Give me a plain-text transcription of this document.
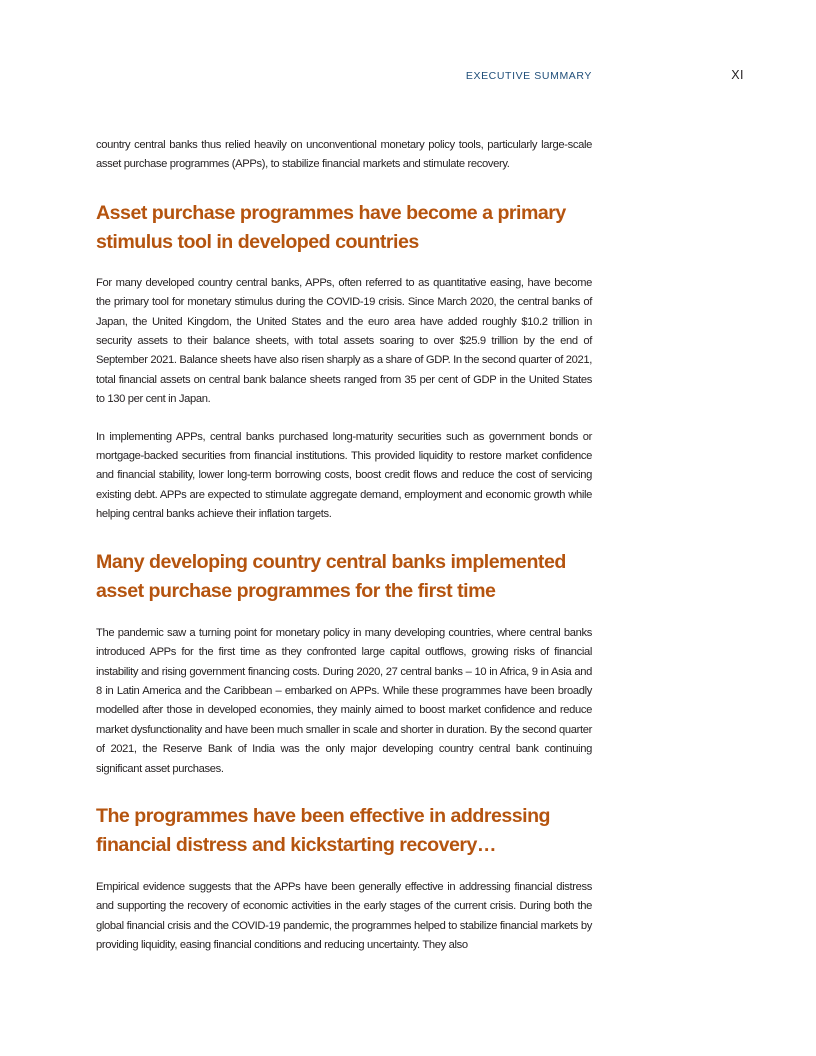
EXECUTIVE SUMMARY	XI

country central banks thus relied heavily on unconventional monetary policy tools, particularly large-scale asset purchase programmes (APPs), to stabilize financial markets and stimulate recovery.

Asset purchase programmes have become a primary stimulus tool in developed countries

For many developed country central banks, APPs, often referred to as quantitative easing, have become the primary tool for monetary stimulus during the COVID-19 crisis. Since March 2020, the central banks of Japan, the United Kingdom, the United States and the euro area have added roughly $10.2 trillion in security assets to their balance sheets, with total assets soaring to over $25.9 trillion by the end of September 2021. Balance sheets have also risen sharply as a share of GDP. In the second quarter of 2021, total financial assets on central bank balance sheets ranged from 35 per cent of GDP in the United States to 130 per cent in Japan.

In implementing APPs, central banks purchased long-maturity securities such as government bonds or mortgage-backed securities from financial institutions. This provided liquidity to restore market confidence and financial stability, lower long-term borrowing costs, boost credit flows and reduce the cost of servicing existing debt. APPs are expected to stimulate aggregate demand, employment and economic growth while helping central banks achieve their inflation targets.

Many developing country central banks implemented asset purchase programmes for the first time

The pandemic saw a turning point for monetary policy in many developing countries, where central banks introduced APPs for the first time as they confronted large capital outflows, growing risks of financial instability and rising government financing costs. During 2020, 27 central banks – 10 in Africa, 9 in Asia and 8 in Latin America and the Caribbean – embarked on APPs. While these programmes have been broadly modelled after those in developed economies, they mainly aimed to boost market confidence and reduce market dysfunctionality and have been much smaller in scale and shorter in duration. By the second quarter of 2021, the Reserve Bank of India was the only major developing country central bank continuing significant asset purchases.

The programmes have been effective in addressing financial distress and kickstarting recovery…

Empirical evidence suggests that the APPs have been generally effective in addressing financial distress and supporting the recovery of economic activities in the early stages of the current crisis. During both the global financial crisis and the COVID-19 pandemic, the programmes helped to stabilize financial markets by providing liquidity, easing financial conditions and reducing uncertainty. They also
